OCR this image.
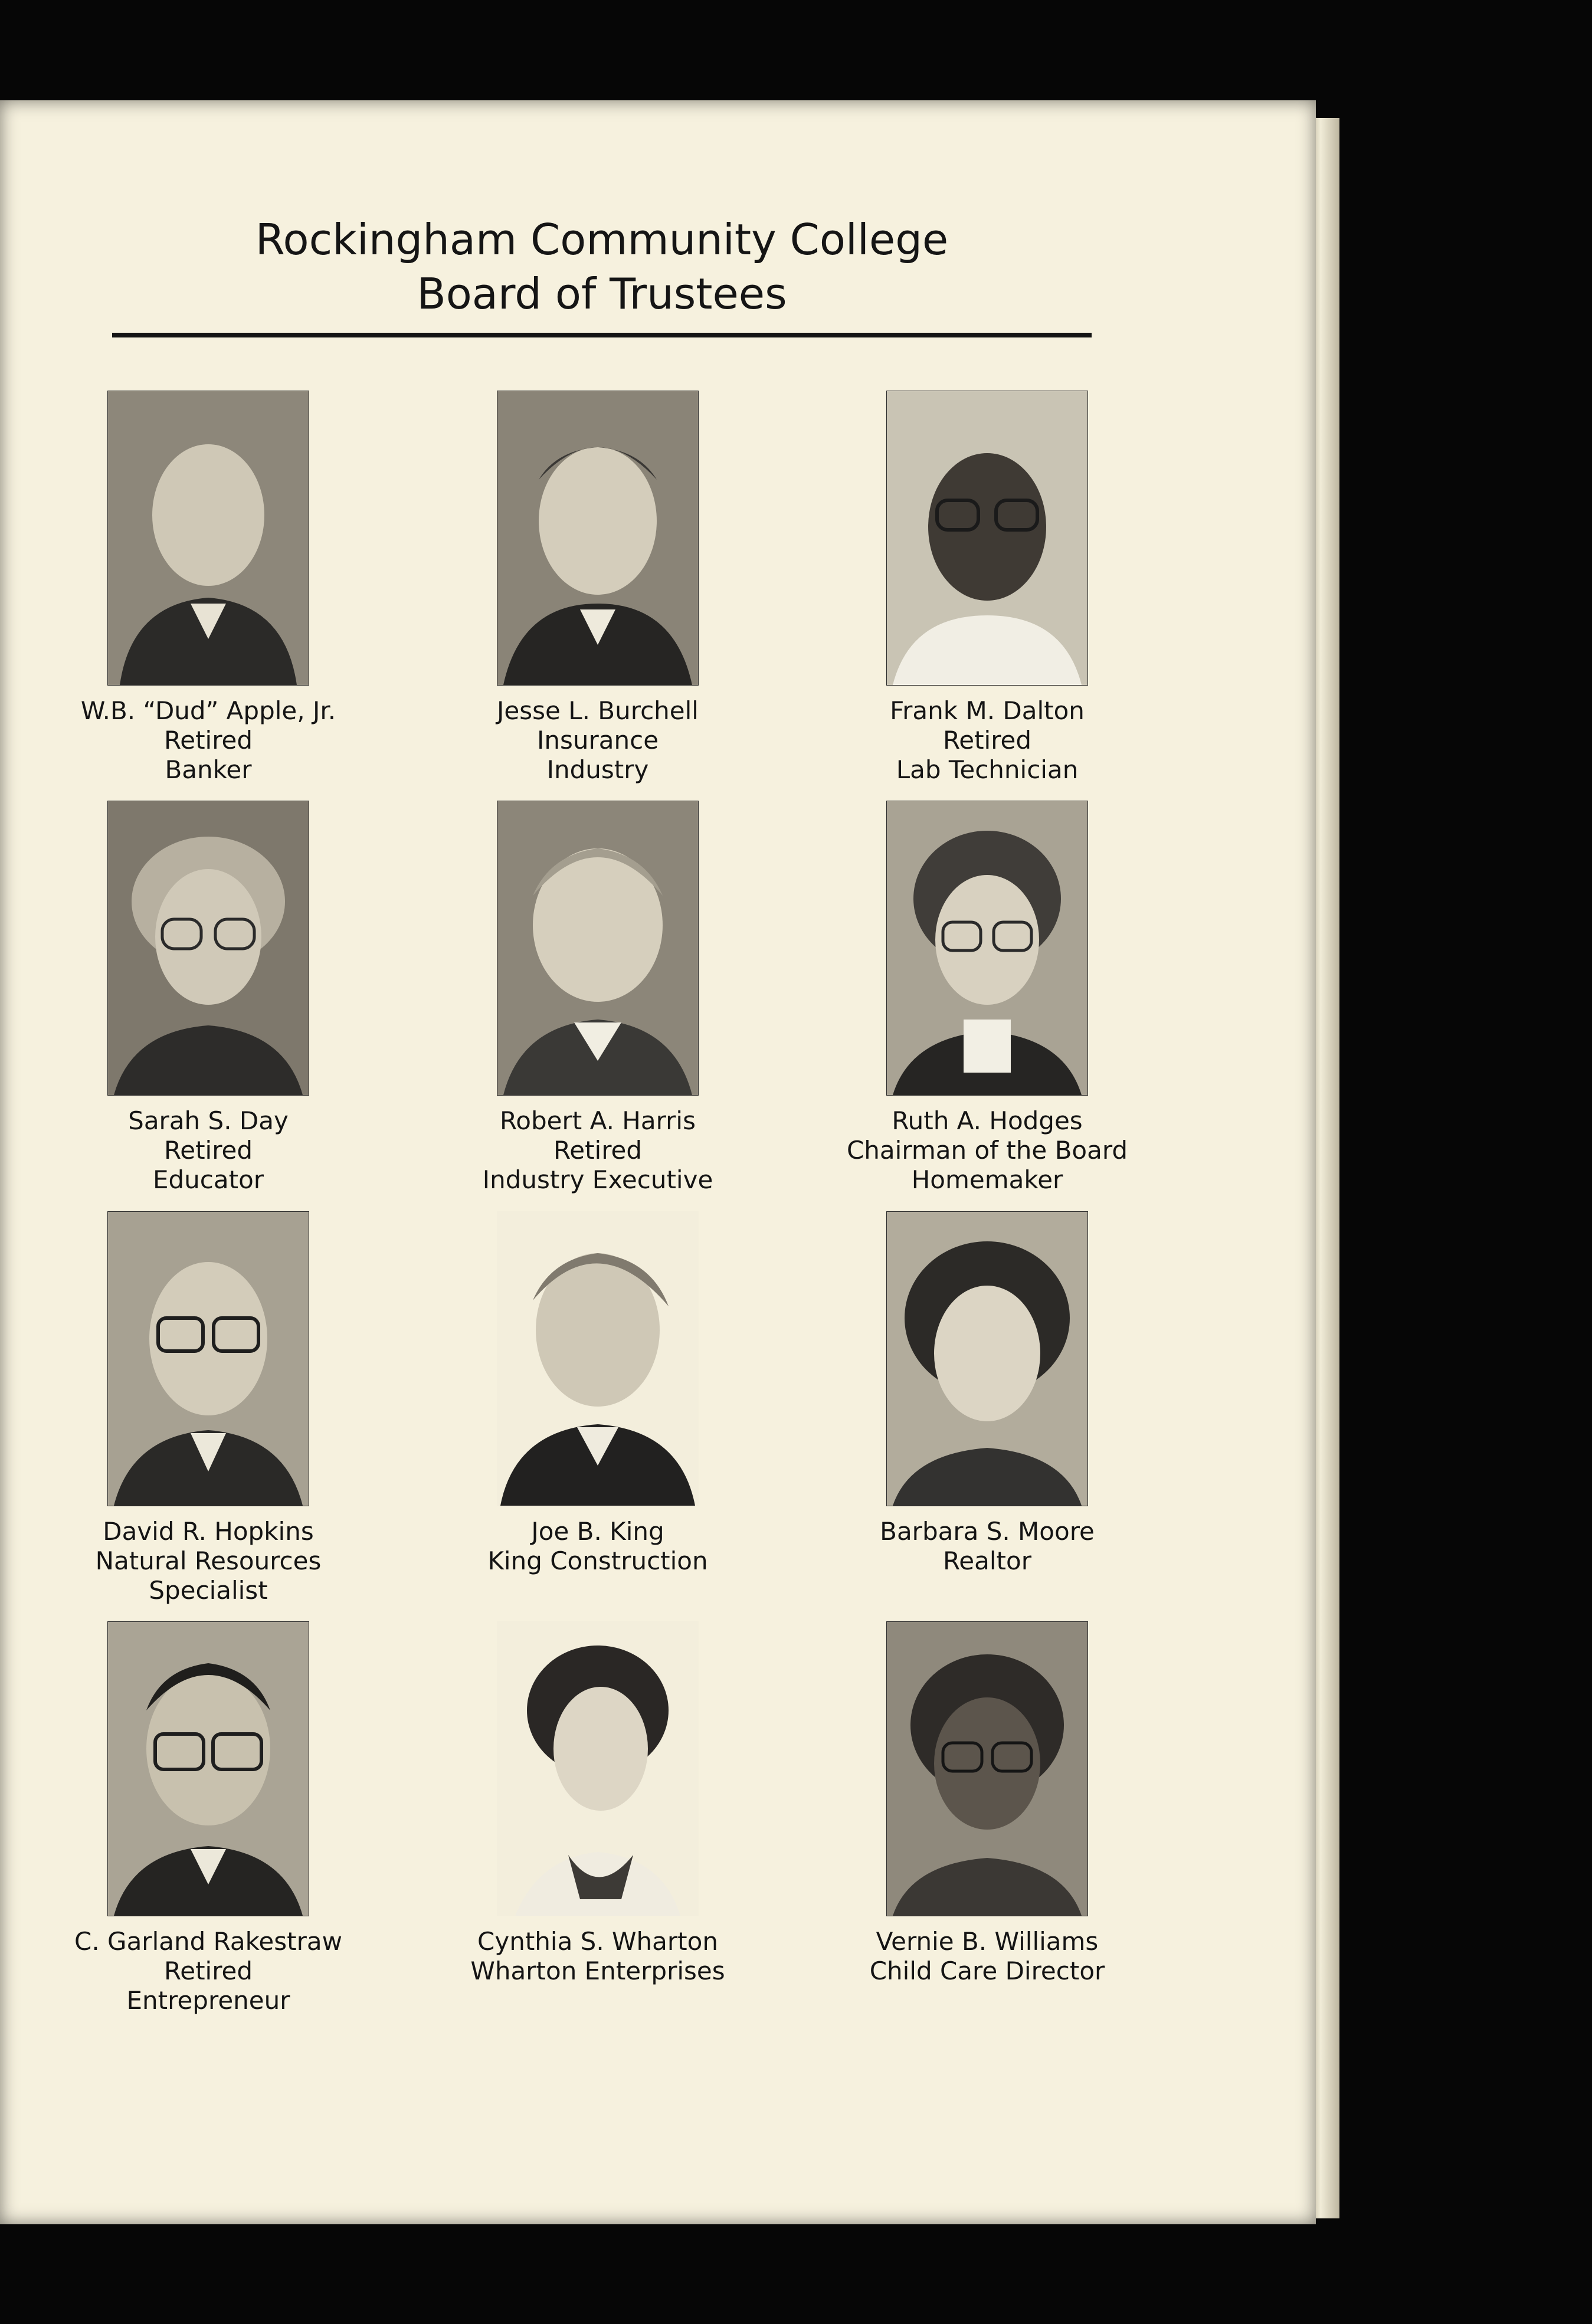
Rockingham Community College
Board of Trustees
W.B. “Dud” Apple, Jr.
Retired
Banker
Jesse L. Burchell
Insurance
Industry
Frank M. Dalton
Retired
Lab Technician
Sarah S. Day
Retired
Educator
Robert A. Harris
Retired
Industry Executive
Ruth A. Hodges
Chairman of the Board
Homemaker
David R. Hopkins
Natural Resources
Specialist
Joe B. King
King Construction
Barbara S. Moore
Realtor
C. Garland Rakestraw
Retired
Entrepreneur
Cynthia S. Wharton
Wharton Enterprises
Vernie B. Williams
Child Care Director
